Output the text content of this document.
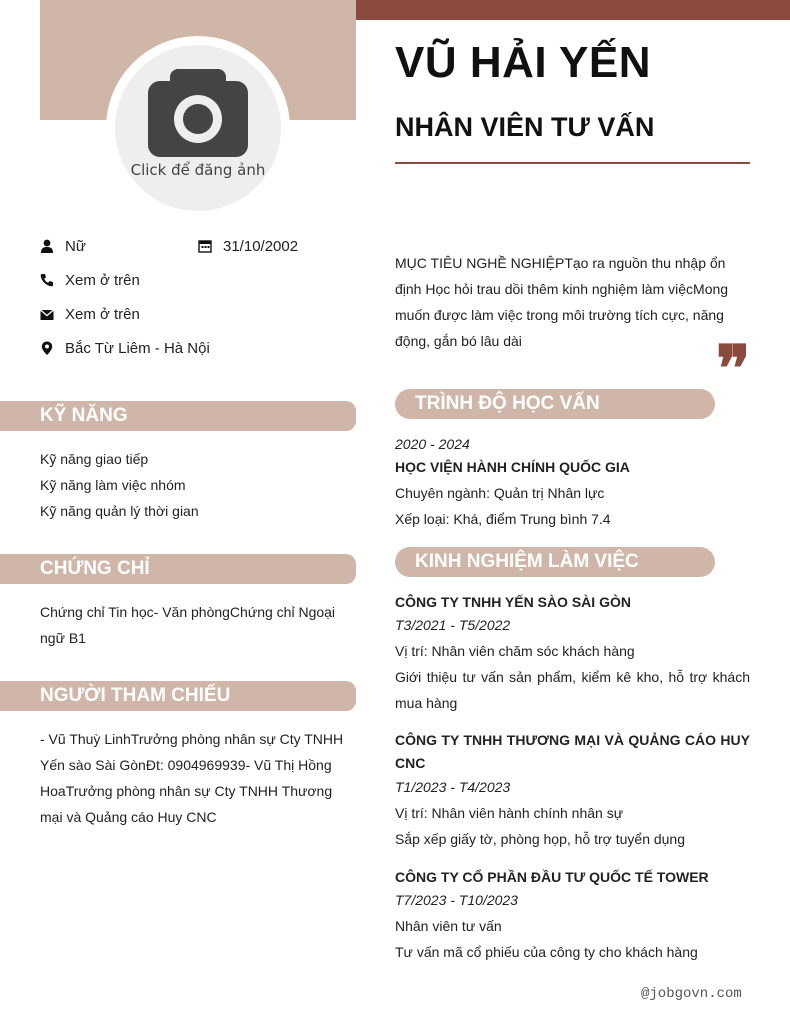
Click để đăng ảnh
VŨ HẢI YẾN
NHÂN VIÊN TƯ VẤN
Nữ	31/10/2002
Xem ở trên
Xem ở trên
Bắc Từ Liêm - Hà Nội
KỸ NĂNG
Kỹ năng giao tiếp
Kỹ năng làm việc nhóm
Kỹ năng quản lý thời gian
CHỨNG CHỈ
Chứng chỉ Tin học- Văn phòngChứng chỉ Ngoại ngữ B1
NGƯỜI THAM CHIẾU
- Vũ Thuỳ LinhTrưởng phòng nhân sự Cty TNHH Yến sào Sài GònĐt: 0904969939- Vũ Thị Hồng HoaTrưởng phòng nhân sự Cty TNHH Thương mại và Quảng cáo Huy CNC
MỤC TIÊU NGHỀ NGHIỆPTạo ra nguồn thu nhập ổn định Học hỏi trau dồi thêm kinh nghiệm làm việcMong muốn được làm việc trong môi trường tích cực, năng động, gắn bó lâu dài	❞
TRÌNH ĐỘ HỌC VẤN
2020 - 2024
HỌC VIỆN HÀNH CHÍNH QUỐC GIA
Chuyên ngành: Quản trị Nhân lực
Xếp loại: Khá, điểm Trung bình 7.4
KINH NGHIỆM LÀM VIỆC
CÔNG TY TNHH YẾN SÀO SÀI GÒN
T3/2021 - T5/2022
Vị trí: Nhân viên chăm sóc khách hàng
Giới thiệu tư vấn sản phẩm, kiểm kê kho, hỗ trợ khách mua hàng
CÔNG TY TNHH THƯƠNG MẠI VÀ QUẢNG CÁO HUY CNC
T1/2023 - T4/2023
Vị trí: Nhân viên hành chính nhân sự
Sắp xếp giấy tờ, phòng họp, hỗ trợ tuyển dụng
CÔNG TY CỔ PHẦN ĐẦU TƯ QUỐC TẾ TOWER
T7/2023 - T10/2023
Nhân viên tư vấn
Tư vấn mã cổ phiếu của công ty cho khách hàng
@jobgovn.com
